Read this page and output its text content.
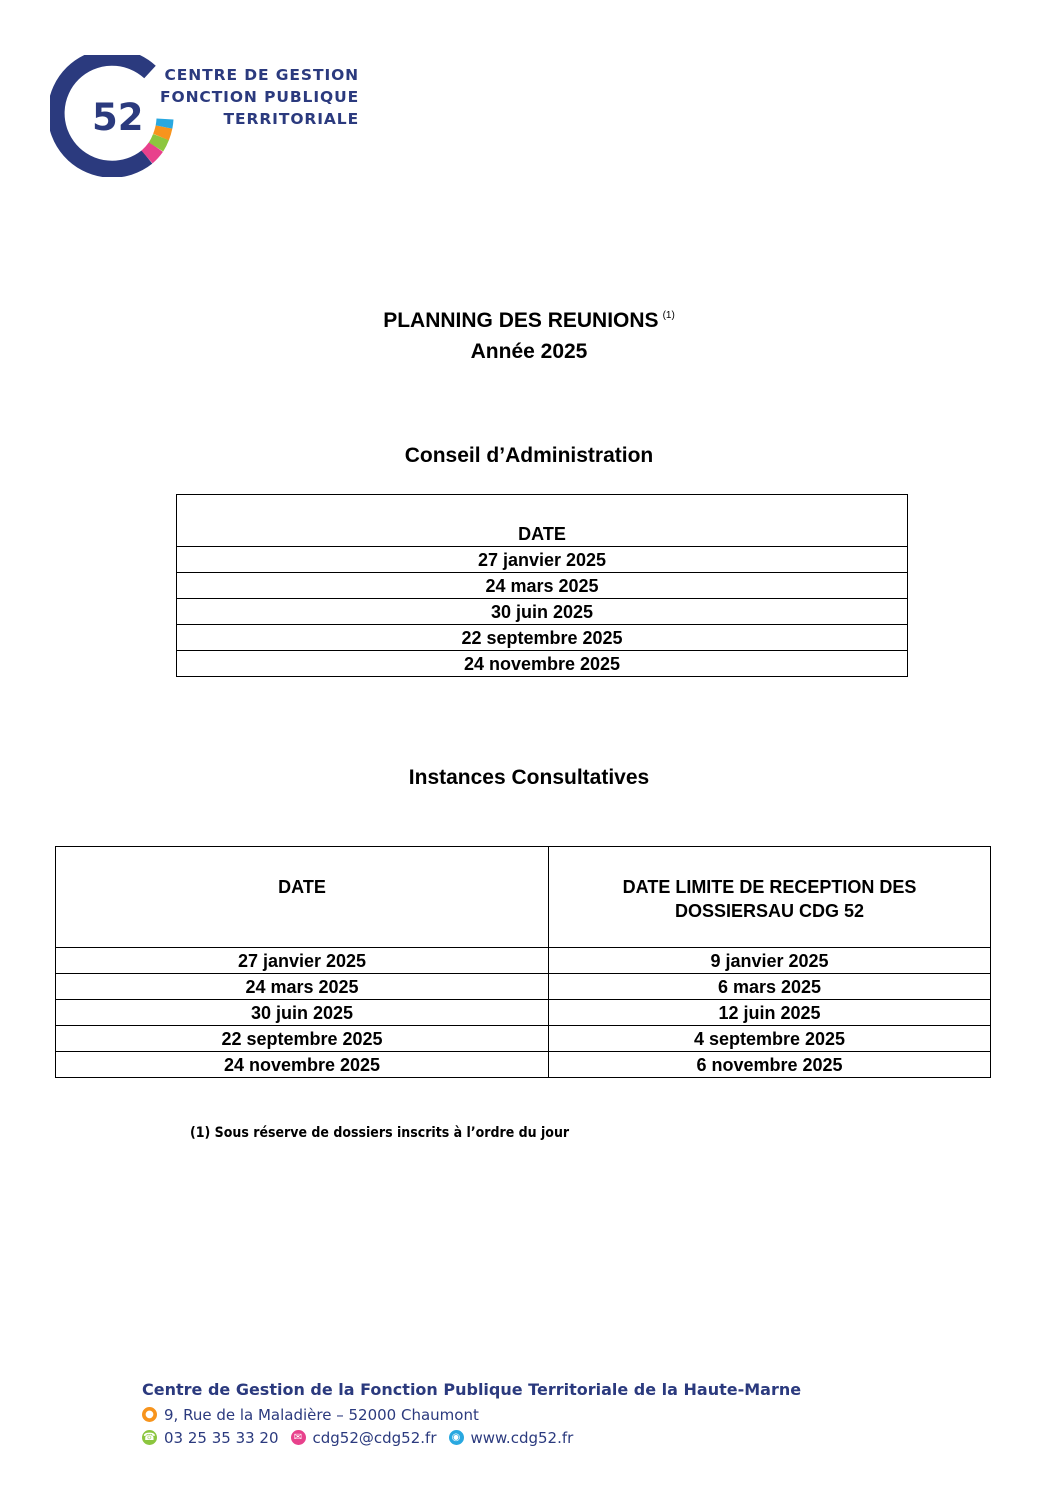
52
CENTRE DE GESTION
FONCTION PUBLIQUE
TERRITORIALE
PLANNING DES REUNIONS $^{(1)}$
Année 2025
Conseil d’Administration
DATE
27 janvier 2025
24 mars 2025
30 juin 2025
22 septembre 2025
24 novembre 2025
Instances Consultatives
DATE	DATE LIMITE DE RECEPTION DES
DOSSIERSAU CDG 52

27 janvier 2025	9 janvier 2025
24 mars 2025	6 mars 2025
30 juin 2025	12 juin 2025
22 septembre 2025	4 septembre 2025
24 novembre 2025	6 novembre 2025
(1) Sous réserve de dossiers inscrits à l’ordre du jour
Centre de Gestion de la Fonction Publique Territoriale de la Haute-Marne
● 9, Rue de la Maladière – 52000 Chaumont
☎ 03 25 35 33 20	✉ cdg52@cdg52.fr	◉ www.cdg52.fr
